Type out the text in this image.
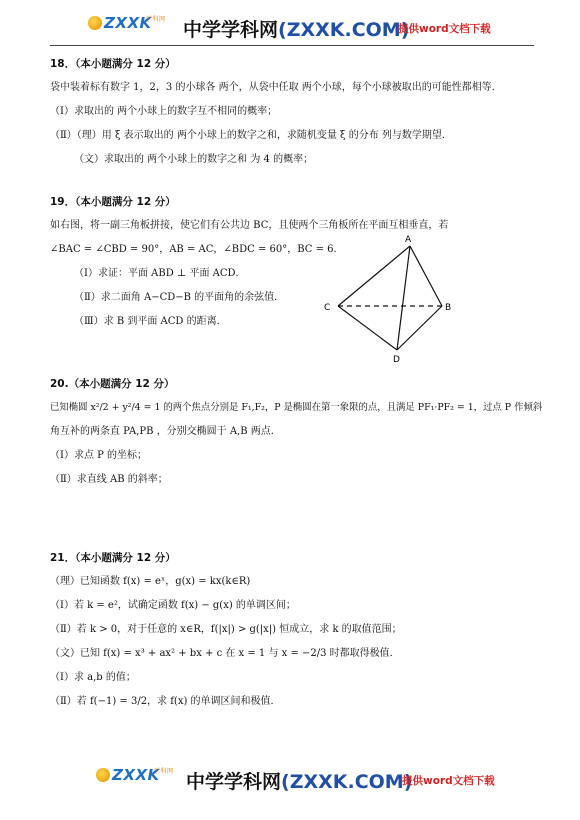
ZXXK
学科网 中学学科网(ZXXK.COM)
提供word文档下载
18．（本小题满分 12 分）
袋中装着标有数字 1，2，3 的小球各 两个，从袋中任取 两个小球，每个小球被取出的可能性都相等．
（Ⅰ）求取出的 两个小球上的数字互不相同的概率；
（Ⅱ）（理）用 ξ 表示取出的 两个小球上的数字之和，求随机变量 ξ 的分布 列与数学期望．
（文）求取出的 两个小球上的数字之和 为 4 的概率；
19．（本小题满分 12 分）
如右图，将一副三角板拼接，使它们有公共边 BC，且使两个三角板所在平面互相垂直，若
∠BAC = ∠CBD = 90°，AB = AC，∠BDC = 60°，BC = 6．
（Ⅰ）求证：平面 ABD ⊥ 平面 ACD．
（Ⅱ）求二面角 A−CD−B 的平面角的余弦值．
（Ⅲ）求 B 到平面 ACD 的距离．
20.（本小题满分 12 分）
已知椭圆 x²/2 + y²/4 = 1 的两个焦点分别是 F₁,F₂，P 是椭圆在第一象限的点，且满足 PF₁·PF₂ = 1，过点 P 作倾斜
角互补的两条直 PA,PB ，分别交椭圆于 A,B 两点．
（Ⅰ）求点 P 的坐标；
（Ⅱ）求直线 AB 的斜率；
21．（本小题满分 12 分）
（理）已知函数 f(x) = eˣ，g(x) = kx(k∈R)
（Ⅰ）若 k = e²，试确定函数 f(x) − g(x) 的单调区间；
（Ⅱ）若 k > 0，对于任意的 x∈R，f(|x|) > g(|x|) 恒成立，求 k 的取值范围；
（文）已知 f(x) = x³ + ax² + bx + c 在 x = 1 与 x = −2/3 时都取得极值．
（Ⅰ）求 a,b 的值；
（Ⅱ）若 f(−1) = 3/2，求 f(x) 的单调区间和极值．
A
C	B
D
ZXXK
学科网 中学学科网(ZXXK.COM)
提供word文档下载
